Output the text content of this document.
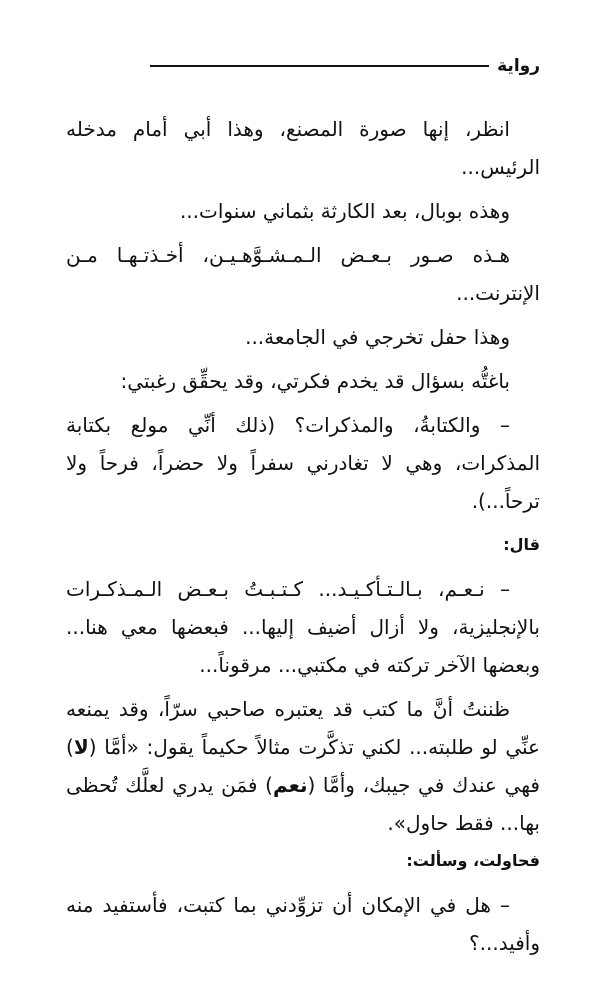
رواية

انظر، إنها صورة المصنع، وهذا أبي أمام مدخله الرئيس...

وهذه بوبال، بعد الكارثة بثماني سنوات...

هـذه صـور بـعـض الـمـشـوَّهـيـن، أخـذتـهـا مـن الإنترنت...

وهذا حفل تخرجي في الجامعة...

باغتُّه بسؤال قد يخدم فكرتي، وقد يحقِّق رغبتي:

– والكتابةُ، والمذكرات؟ (ذلك أنِّي مولع بكتابة المذكرات، وهي لا تغادرني سفراً ولا حضراً، فرحاً ولا ترحاً...).

قال:

– نـعـم، بـالـتـأكـيـد... كـتـبـتُ بـعـض الـمـذكـرات بالإنجليزية، ولا أزال أضيف إليها... فبعضها معي هنا... وبعضها الآخر تركته في مكتبي... مرقوناً...

ظننتُ أنَّ ما كتب قد يعتبره صاحبي سرّاً، وقد يمنعه عنِّي لو طلبته... لكني تذكَّرت مثالاً حكيماً يقول: «أمَّا (لا) فهي عندك في جيبك، وأمَّا (نعم) فمَن يدري لعلَّك تُحظى بها... فقط حاول».

فحاولت، وسألت:

– هل في الإمكان أن تزوِّدني بما كتبت، فأستفيد منه وأفيد...؟
